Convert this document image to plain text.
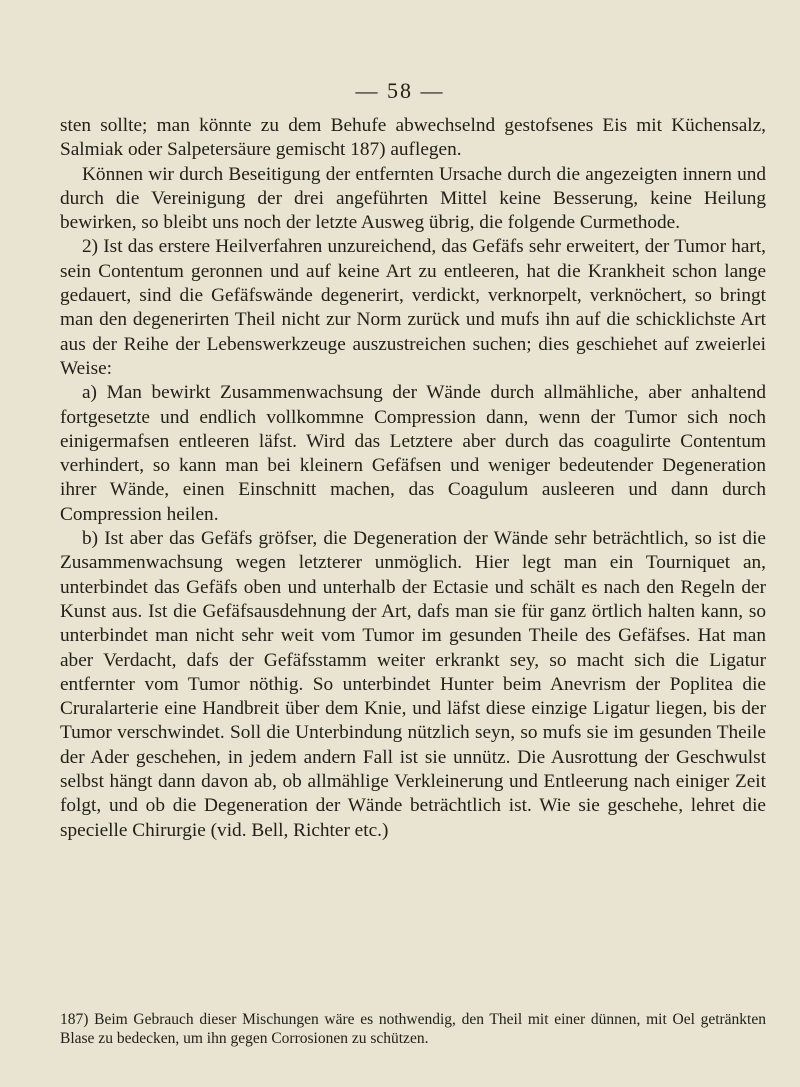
— 58 —

sten sollte; man könnte zu dem Behufe abwechselnd gestofsenes Eis mit Küchensalz, Salmiak oder Salpetersäure gemischt 187) auflegen.

Können wir durch Beseitigung der entfernten Ursache durch die angezeigten innern und durch die Vereinigung der drei angeführten Mittel keine Besserung, keine Heilung bewirken, so bleibt uns noch der letzte Ausweg übrig, die folgende Curmethode.

2) Ist das erstere Heilverfahren unzureichend, das Gefäfs sehr erweitert, der Tumor hart, sein Contentum geronnen und auf keine Art zu entleeren, hat die Krankheit schon lange gedauert, sind die Gefäfswände degenerirt, verdickt, verknorpelt, verknöchert, so bringt man den degenerirten Theil nicht zur Norm zurück und mufs ihn auf die schicklichste Art aus der Reihe der Lebenswerkzeuge auszustreichen suchen; dies geschiehet auf zweierlei Weise:

a) Man bewirkt Zusammenwachsung der Wände durch allmähliche, aber anhaltend fortgesetzte und endlich vollkommne Compression dann, wenn der Tumor sich noch einigermafsen entleeren läfst. Wird das Letztere aber durch das coagulirte Contentum verhindert, so kann man bei kleinern Gefäfsen und weniger bedeutender Degeneration ihrer Wände, einen Einschnitt machen, das Coagulum ausleeren und dann durch Compression heilen.

b) Ist aber das Gefäfs gröfser, die Degeneration der Wände sehr beträchtlich, so ist die Zusammenwachsung wegen letzterer unmöglich. Hier legt man ein Tourniquet an, unterbindet das Gefäfs oben und unterhalb der Ectasie und schält es nach den Regeln der Kunst aus. Ist die Gefäfsausdehnung der Art, dafs man sie für ganz örtlich halten kann, so unterbindet man nicht sehr weit vom Tumor im gesunden Theile des Gefäfses. Hat man aber Verdacht, dafs der Gefäfsstamm weiter erkrankt sey, so macht sich die Ligatur entfernter vom Tumor nöthig. So unterbindet Hunter beim Anevrism der Poplitea die Cruralarterie eine Handbreit über dem Knie, und läfst diese einzige Ligatur liegen, bis der Tumor verschwindet. Soll die Unterbindung nützlich seyn, so mufs sie im gesunden Theile der Ader geschehen, in jedem andern Fall ist sie unnütz. Die Ausrottung der Geschwulst selbst hängt dann davon ab, ob allmählige Verkleinerung und Entleerung nach einiger Zeit folgt, und ob die Degeneration der Wände beträchtlich ist. Wie sie geschehe, lehret die specielle Chirurgie (vid. Bell, Richter etc.)

187) Beim Gebrauch dieser Mischungen wäre es nothwendig, den Theil mit einer dünnen, mit Oel getränkten Blase zu bedecken, um ihn gegen Corrosionen zu schützen.
